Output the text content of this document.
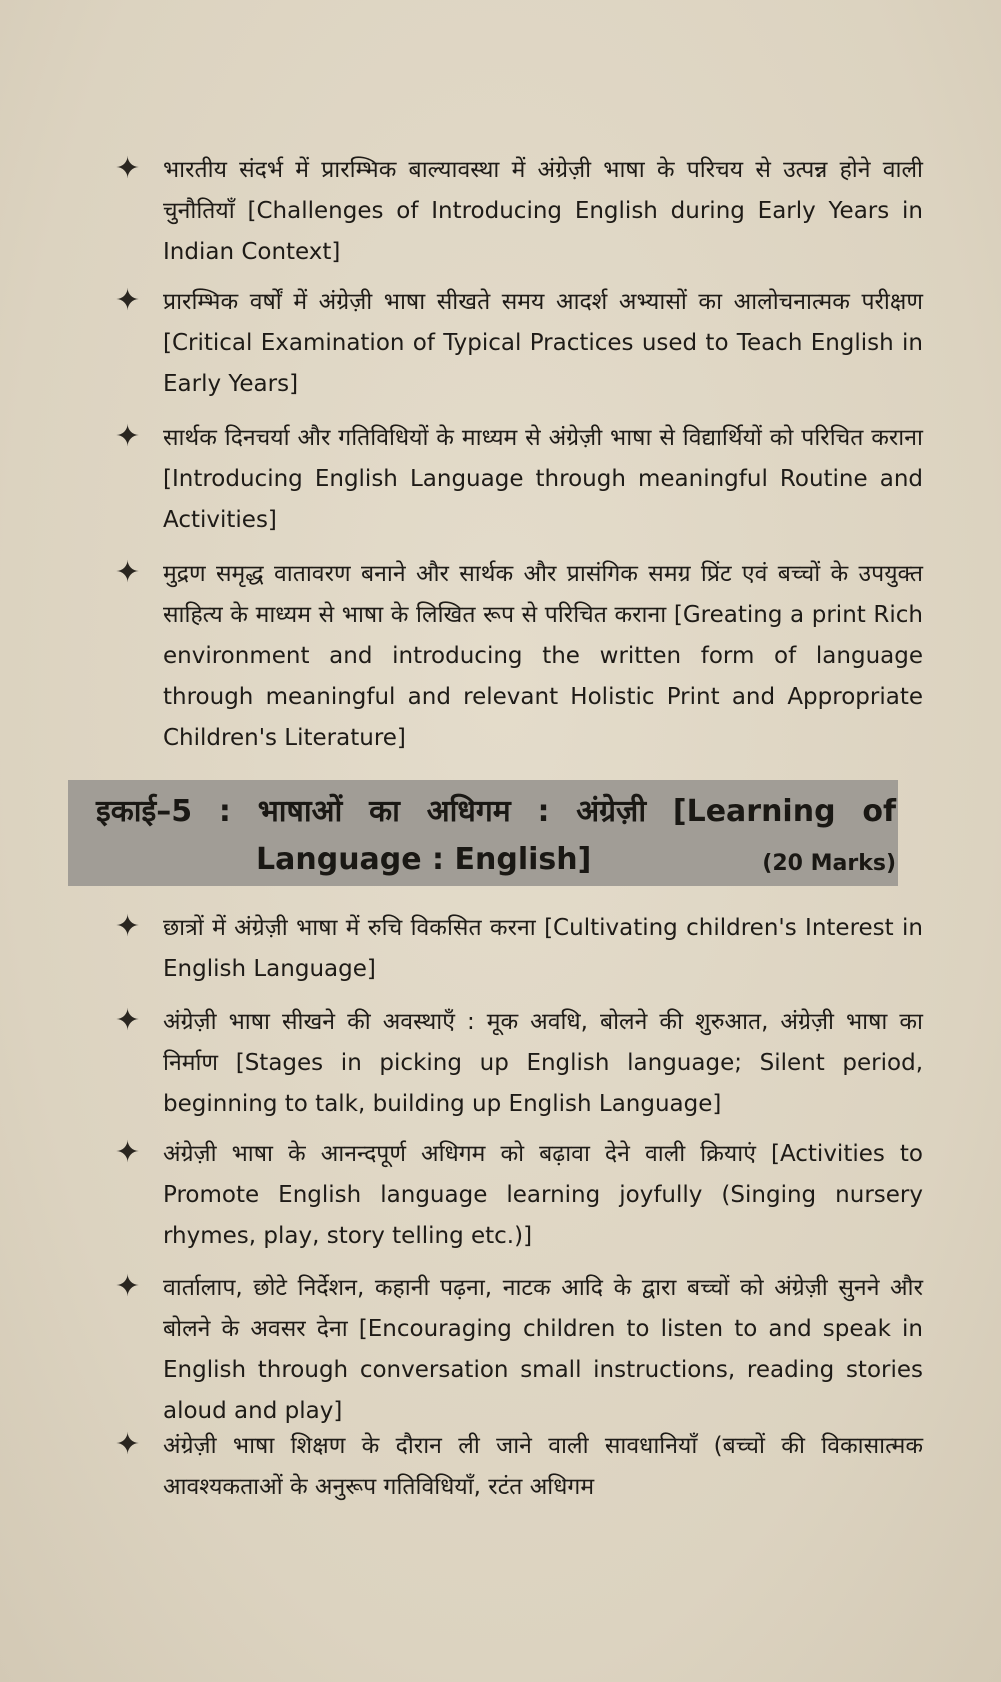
✦ भारतीय संदर्भ में प्रारम्भिक बाल्यावस्था में अंग्रेज़ी भाषा के परिचय से उत्पन्न होने वाली चुनौतियाँ [Challenges of Introducing English during Early Years in Indian Context]
✦ प्रारम्भिक वर्षों में अंग्रेज़ी भाषा सीखते समय आदर्श अभ्यासों का आलोचनात्मक परीक्षण [Critical Examination of Typical Practices used to Teach English in Early Years]
✦ सार्थक दिनचर्या और गतिविधियों के माध्यम से अंग्रेज़ी भाषा से विद्यार्थियों को परिचित कराना [Introducing English Language through meaningful Routine and Activities]
✦ मुद्रण समृद्ध वातावरण बनाने और सार्थक और प्रासंगिक समग्र प्रिंट एवं बच्चों के उपयुक्त साहित्य के माध्यम से भाषा के लिखित रूप से परिचित कराना [Greating a print Rich environment and introducing the written form of language through meaningful and relevant Holistic Print and Appropriate Children's Literature]
इकाई–5 : भाषाओं का अधिगम : अंग्रेज़ी [Learning of
Language : English]	(20 Marks)
✦ छात्रों में अंग्रेज़ी भाषा में रुचि विकसित करना [Cultivating children's Interest in English Language]
✦ अंग्रेज़ी भाषा सीखने की अवस्थाएँ : मूक अवधि, बोलने की शुरुआत, अंग्रेज़ी भाषा का निर्माण [Stages in picking up English language; Silent period, beginning to talk, building up English Language]
✦ अंग्रेज़ी भाषा के आनन्दपूर्ण अधिगम को बढ़ावा देने वाली क्रियाएं [Activities to Promote English language learning joyfully (Singing nursery rhymes, play, story telling etc.)]
✦ वार्तालाप, छोटे निर्देशन, कहानी पढ़ना, नाटक आदि के द्वारा बच्चों को अंग्रेज़ी सुनने और बोलने के अवसर देना [Encouraging children to listen to and speak in English through conversation small instructions, reading stories aloud and play]
✦ अंग्रेज़ी भाषा शिक्षण के दौरान ली जाने वाली सावधानियाँ (बच्चों की विकासात्मक आवश्यकताओं के अनुरूप गतिविधियाँ, रटंत अधिगम
